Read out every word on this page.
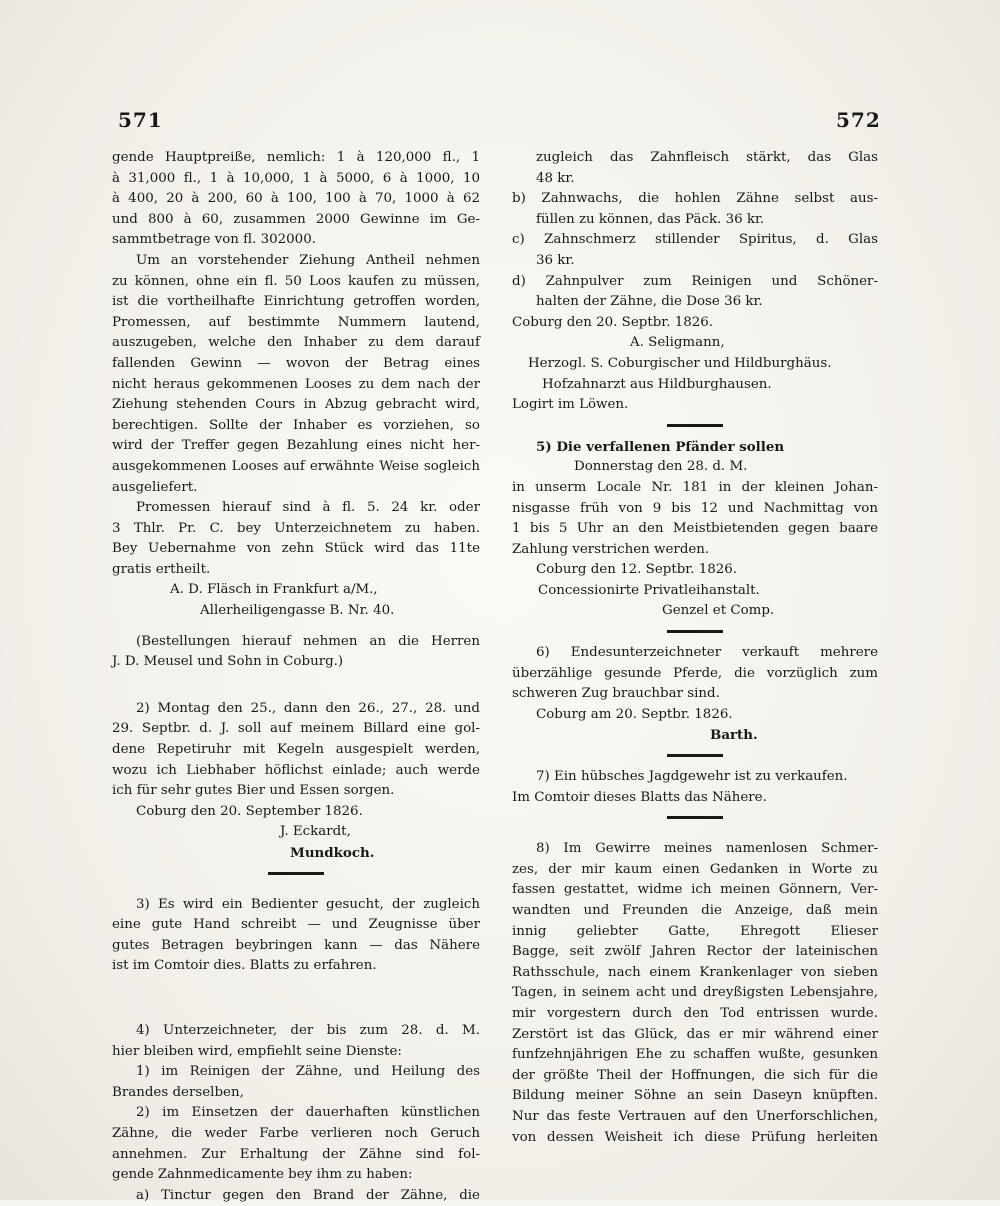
571	572
gende Hauptpreiße, nemlich: 1 à 120,000 fl., 1
à 31,000 fl., 1 à 10,000, 1 à 5000, 6 à 1000, 10
à 400, 20 à 200, 60 à 100, 100 à 70, 1000 à 62
und 800 à 60, zusammen 2000 Gewinne im Ge-
sammtbetrage von fl. 302000.
Um an vorstehender Ziehung Antheil nehmen
zu können, ohne ein fl. 50 Loos kaufen zu müssen,
ist die vortheilhafte Einrichtung getroffen worden,
Promessen, auf bestimmte Nummern lautend,
auszugeben, welche den Inhaber zu dem darauf
fallenden Gewinn — wovon der Betrag eines
nicht heraus gekommenen Looses zu dem nach der
Ziehung stehenden Cours in Abzug gebracht wird,
berechtigen. Sollte der Inhaber es vorziehen, so
wird der Treffer gegen Bezahlung eines nicht her-
ausgekommenen Looses auf erwähnte Weise sogleich
ausgeliefert.
Promessen hierauf sind à fl. 5. 24 kr. oder
3 Thlr. Pr. C. bey Unterzeichnetem zu haben.
Bey Uebernahme von zehn Stück wird das 11te
gratis ertheilt.
A. D. Fläsch in Frankfurt a/M.,
Allerheiligengasse B. Nr. 40.
(Bestellungen hierauf nehmen an die Herren
J. D. Meusel und Sohn in Coburg.)
2) Montag den 25., dann den 26., 27., 28. und
29. Septbr. d. J. soll auf meinem Billard eine gol-
dene Repetiruhr mit Kegeln ausgespielt werden,
wozu ich Liebhaber höflichst einlade; auch werde
ich für sehr gutes Bier und Essen sorgen.
Coburg den 20. September 1826.
J. Eckardt,
Mundkoch.
3) Es wird ein Bedienter gesucht, der zugleich
eine gute Hand schreibt — und Zeugnisse über
gutes Betragen beybringen kann — das Nähere
ist im Comtoir dies. Blatts zu erfahren.
4) Unterzeichneter, der bis zum 28. d. M.
hier bleiben wird, empfiehlt seine Dienste:
1) im Reinigen der Zähne, und Heilung des
Brandes derselben,
2) im Einsetzen der dauerhaften künstlichen
Zähne, die weder Farbe verlieren noch Geruch
annehmen. Zur Erhaltung der Zähne sind fol-
gende Zahnmedicamente bey ihm zu haben:
a) Tinctur gegen den Brand der Zähne, die
zugleich das Zahnfleisch stärkt, das Glas
48 kr.
b) Zahnwachs, die hohlen Zähne selbst aus-
füllen zu können, das Päck. 36 kr.
c) Zahnschmerz stillender Spiritus, d. Glas
36 kr.
d) Zahnpulver zum Reinigen und Schöner-
halten der Zähne, die Dose 36 kr.
Coburg den 20. Septbr. 1826.
A. Seligmann,
Herzogl. S. Coburgischer und Hildburghäus.
Hofzahnarzt aus Hildburghausen.
Logirt im Löwen.
5) Die verfallenen Pfänder sollen
Donnerstag den 28. d. M.
in unserm Locale Nr. 181 in der kleinen Johan-
nisgasse früh von 9 bis 12 und Nachmittag von
1 bis 5 Uhr an den Meistbietenden gegen baare
Zahlung verstrichen werden.
Coburg den 12. Septbr. 1826.
Concessionirte Privatleihanstalt.
Genzel et Comp.
6) Endesunterzeichneter verkauft mehrere
überzählige gesunde Pferde, die vorzüglich zum
schweren Zug brauchbar sind.
Coburg am 20. Septbr. 1826.
Barth.
7) Ein hübsches Jagdgewehr ist zu verkaufen.
Im Comtoir dieses Blatts das Nähere.
8) Im Gewirre meines namenlosen Schmer-
zes, der mir kaum einen Gedanken in Worte zu
fassen gestattet, widme ich meinen Gönnern, Ver-
wandten und Freunden die Anzeige, daß mein
innig geliebter Gatte, Ehregott Elieser
Bagge, seit zwölf Jahren Rector der lateinischen
Rathsschule, nach einem Krankenlager von sieben
Tagen, in seinem acht und dreyßigsten Lebensjahre,
mir vorgestern durch den Tod entrissen wurde.
Zerstört ist das Glück, das er mir während einer
funfzehnjährigen Ehe zu schaffen wußte, gesunken
der größte Theil der Hoffnungen, die sich für die
Bildung meiner Söhne an sein Daseyn knüpften.
Nur das feste Vertrauen auf den Unerforschlichen,
von dessen Weisheit ich diese Prüfung herleiten
